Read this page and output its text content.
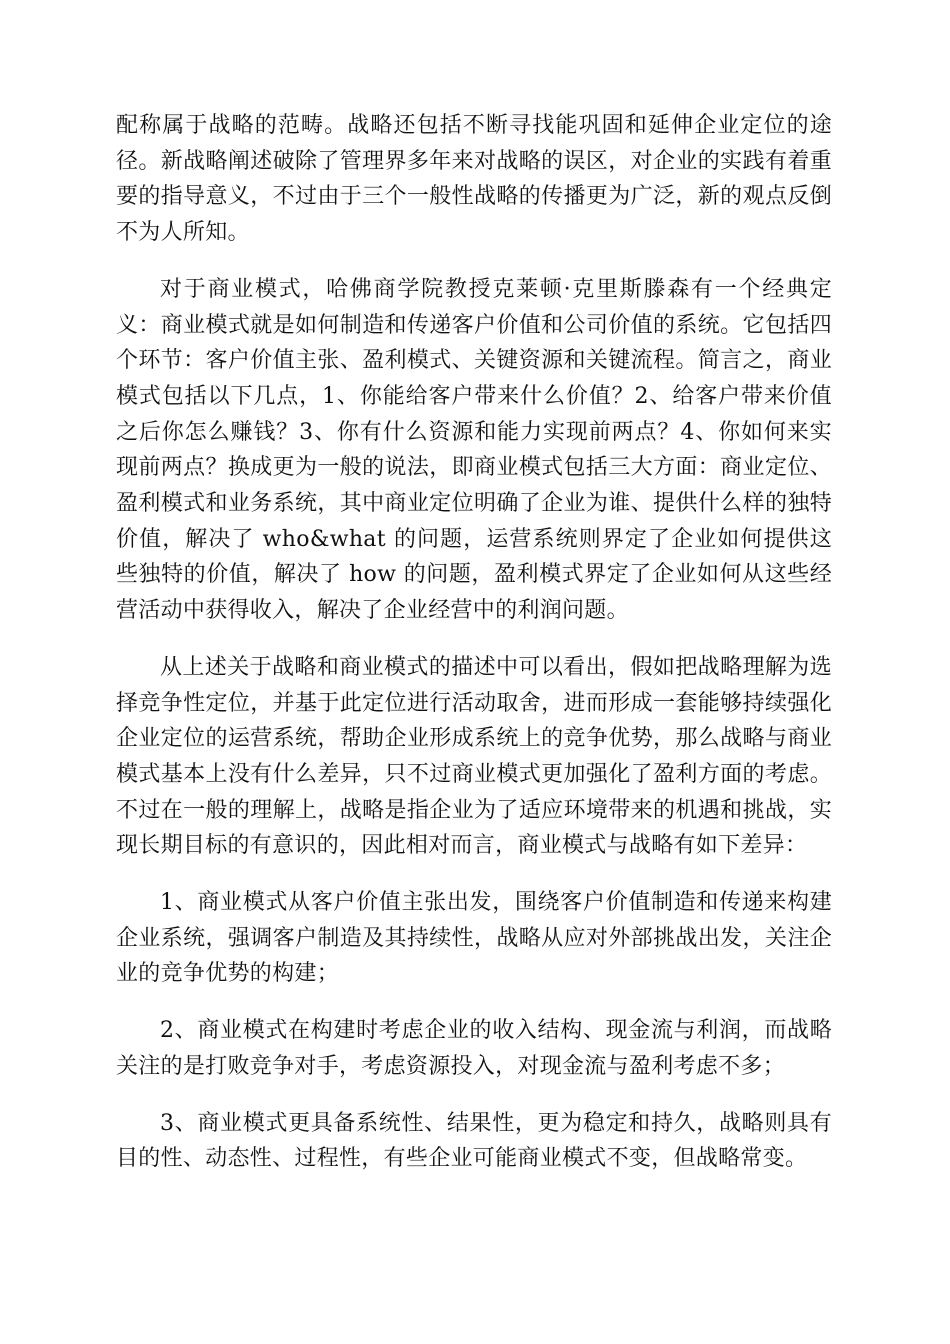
配称属于战略的范畴。战略还包括不断寻找能巩固和延伸企业定位的途径。新战略阐述破除了管理界多年来对战略的误区，对企业的实践有着重要的指导意义，不过由于三个一般性战略的传播更为广泛，新的观点反倒不为人所知。

对于商业模式，哈佛商学院教授克莱顿·克里斯滕森有一个经典定义：商业模式就是如何制造和传递客户价值和公司价值的系统。它包括四个环节：客户价值主张、盈利模式、关键资源和关键流程。简言之，商业模式包括以下几点，1、你能给客户带来什么价值？2、给客户带来价值之后你怎么赚钱？3、你有什么资源和能力实现前两点？4、你如何来实现前两点？换成更为一般的说法，即商业模式包括三大方面：商业定位、盈利模式和业务系统，其中商业定位明确了企业为谁、提供什么样的独特价值，解决了 who&what 的问题，运营系统则界定了企业如何提供这些独特的价值，解决了 how 的问题，盈利模式界定了企业如何从这些经营活动中获得收入，解决了企业经营中的利润问题。

从上述关于战略和商业模式的描述中可以看出，假如把战略理解为选择竞争性定位，并基于此定位进行活动取舍，进而形成一套能够持续强化企业定位的运营系统，帮助企业形成系统上的竞争优势，那么战略与商业模式基本上没有什么差异，只不过商业模式更加强化了盈利方面的考虑。不过在一般的理解上，战略是指企业为了适应环境带来的机遇和挑战，实现长期目标的有意识的，因此相对而言，商业模式与战略有如下差异：

1、商业模式从客户价值主张出发，围绕客户价值制造和传递来构建企业系统，强调客户制造及其持续性，战略从应对外部挑战出发，关注企业的竞争优势的构建；

2、商业模式在构建时考虑企业的收入结构、现金流与利润，而战略关注的是打败竞争对手，考虑资源投入，对现金流与盈利考虑不多；

3、商业模式更具备系统性、结果性，更为稳定和持久，战略则具有目的性、动态性、过程性，有些企业可能商业模式不变，但战略常变。
